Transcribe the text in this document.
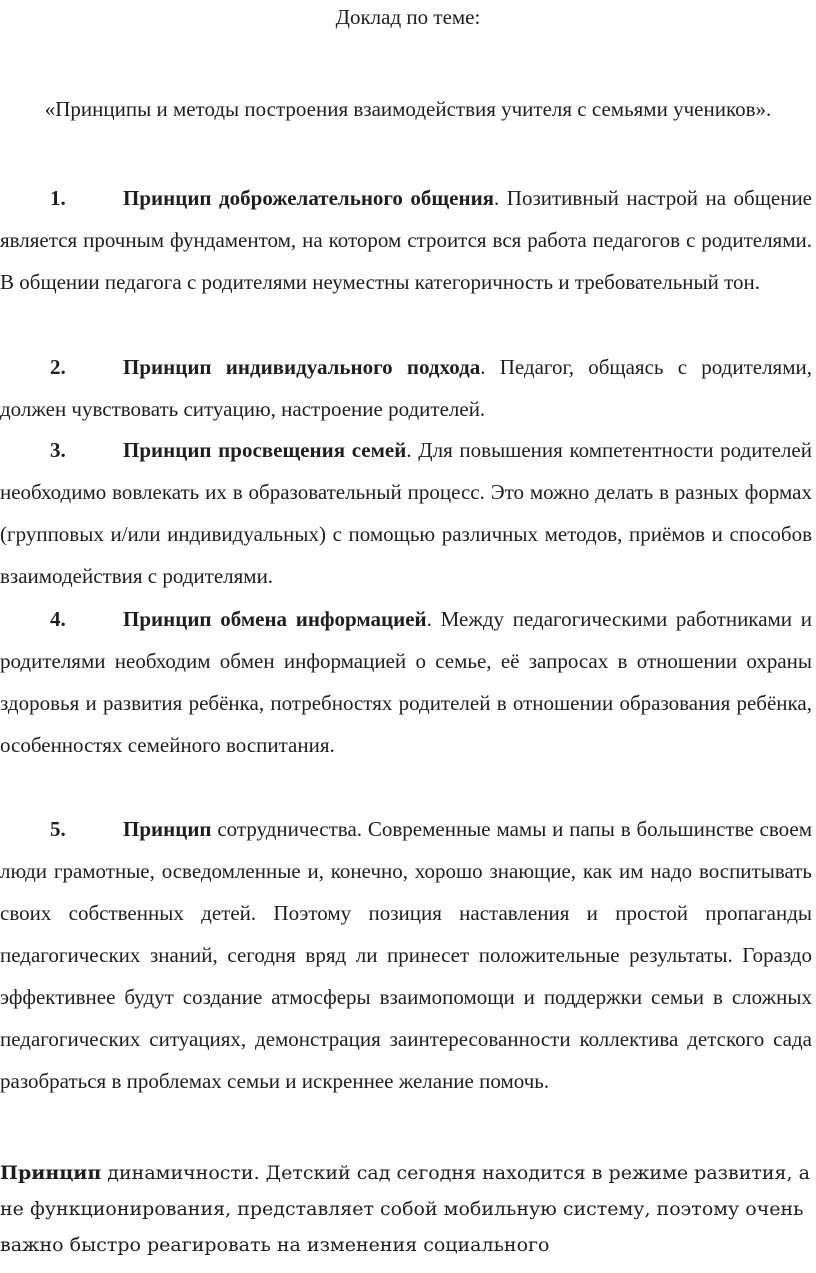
Доклад по теме:

«Принципы и методы построения взаимодействия учителя с семьями учеников».

1.	Принцип доброжелательного общения. Позитивный настрой на общение является прочным фундаментом, на котором строится вся работа педагогов с родителями. В общении педагога с родителями неуместны категоричность и требовательный тон.

2.	Принцип индивидуального подхода. Педагог, общаясь с родителями, должен чувствовать ситуацию, настроение родителей.

3.	Принцип просвещения семей. Для повышения компетентности родителей необходимо вовлекать их в образовательный процесс. Это можно делать в разных формах (групповых и/или индивидуальных) с помощью различных методов, приёмов и способов взаимодействия с родителями.

4.	Принцип обмена информацией. Между педагогическими работниками и родителями необходим обмен информацией о семье, её запросах в отношении охраны здоровья и развития ребёнка, потребностях родителей в отношении образования ребёнка, особенностях семейного воспитания.

5.	Принцип сотрудничества. Современные мамы и папы в большинстве своем люди грамотные, осведомленные и, конечно, хорошо знающие, как им надо воспитывать своих собственных детей. Поэтому позиция наставления и простой пропаганды педагогических знаний, сегодня вряд ли принесет положительные результаты. Гораздо эффективнее будут создание атмосферы взаимопомощи и поддержки семьи в сложных педагогических ситуациях, демонстрация заинтересованности коллектива детского сада разобраться в проблемах семьи и искреннее желание помочь.

Принцип динамичности. Детский сад сегодня находится в режиме развития, а не функционирования, представляет собой мобильную систему, поэтому очень важно быстро реагировать на изменения социального
